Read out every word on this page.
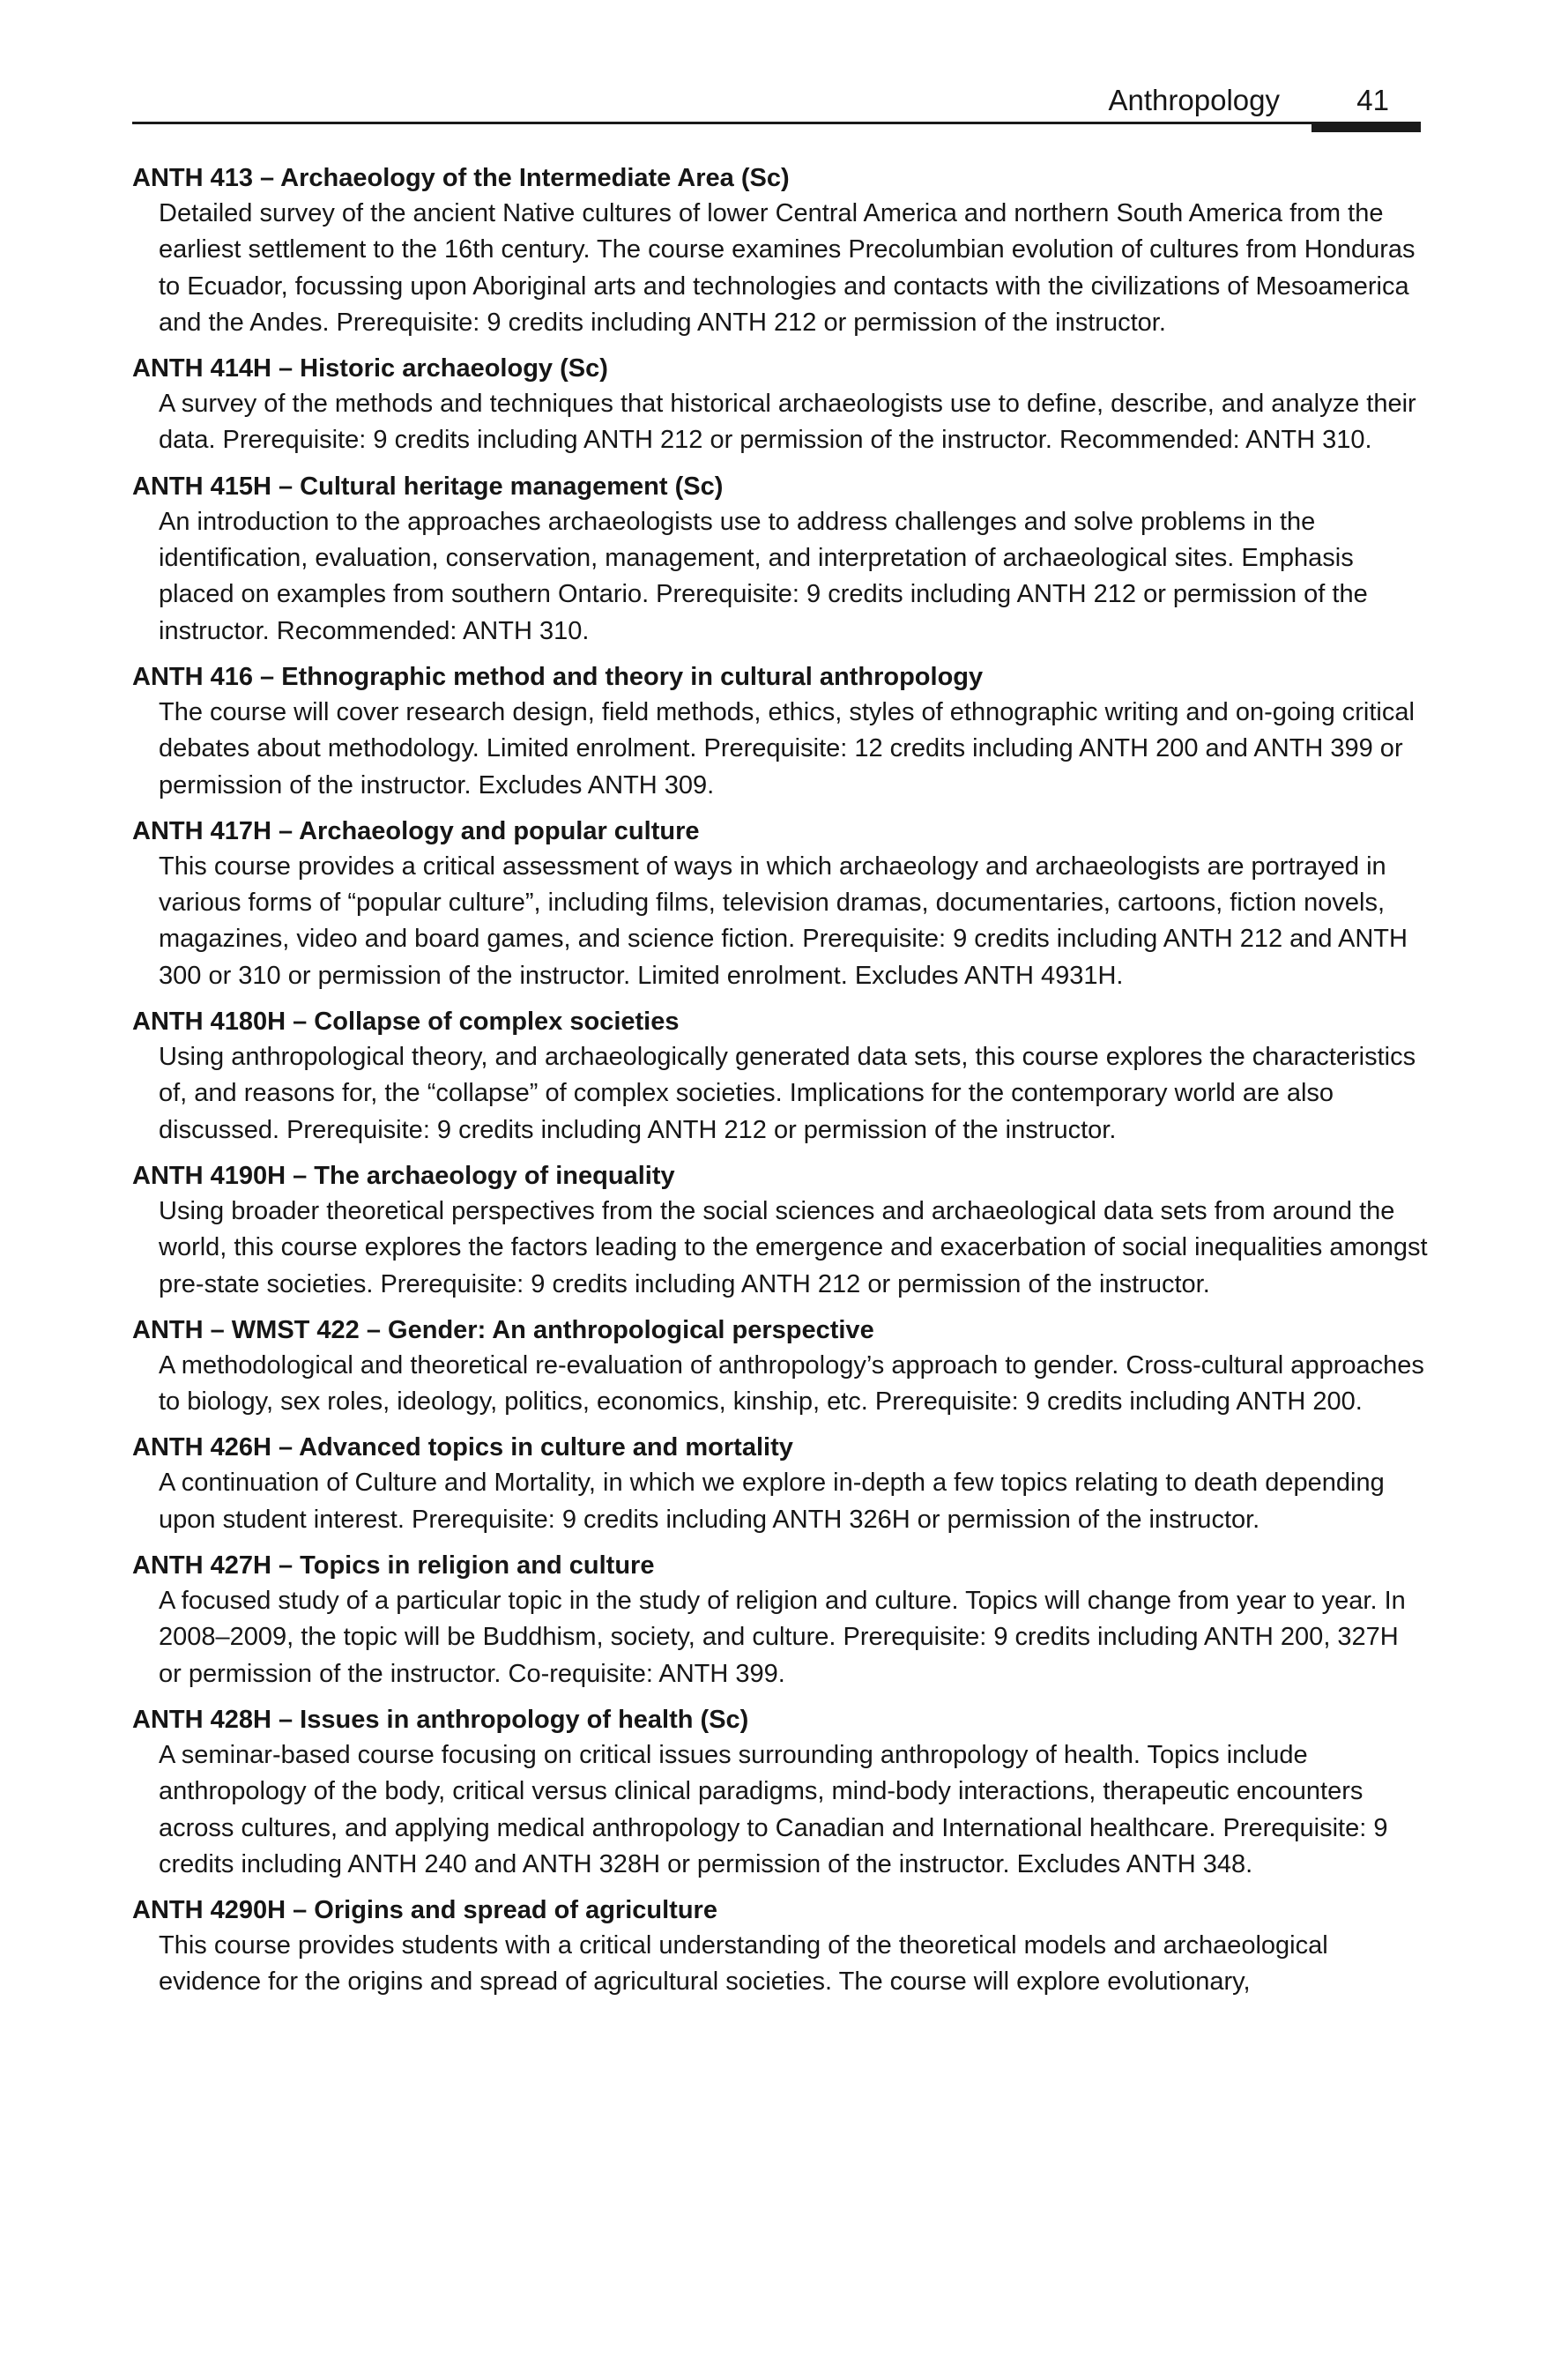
Anthropology	41
ANTH 413 – Archaeology of the Intermediate Area (Sc)
Detailed survey of the ancient Native cultures of lower Central America and northern South America from the earliest settlement to the 16th century. The course examines Precolumbian evolution of cultures from Honduras to Ecuador, focussing upon Aboriginal arts and technologies and contacts with the civilizations of Mesoamerica and the Andes. Prerequisite: 9 credits including ANTH 212 or permission of the instructor.
ANTH 414H – Historic archaeology (Sc)
A survey of the methods and techniques that historical archaeologists use to define, describe, and analyze their data. Prerequisite: 9 credits including ANTH 212 or permission of the instructor. Recommended: ANTH 310.
ANTH 415H – Cultural heritage management (Sc)
An introduction to the approaches archaeologists use to address challenges and solve problems in the identification, evaluation, conservation, management, and interpretation of archaeological sites. Emphasis placed on examples from southern Ontario. Prerequisite: 9 credits including ANTH 212 or permission of the instructor. Recommended: ANTH 310.
ANTH 416 – Ethnographic method and theory in cultural anthropology
The course will cover research design, field methods, ethics, styles of ethnographic writing and on-going critical debates about methodology. Limited enrolment. Prerequisite: 12 credits including ANTH 200 and ANTH 399 or permission of the instructor. Excludes ANTH 309.
ANTH 417H – Archaeology and popular culture
This course provides a critical assessment of ways in which archaeology and archaeologists are portrayed in various forms of “popular culture”, including films, television dramas, documentaries, cartoons, fiction novels, magazines, video and board games, and science fiction. Prerequisite: 9 credits including ANTH 212 and ANTH 300 or 310 or permission of the instructor. Limited enrolment. Excludes ANTH 4931H.
ANTH 4180H – Collapse of complex societies
Using anthropological theory, and archaeologically generated data sets, this course explores the characteristics of, and reasons for, the “collapse” of complex societies. Implications for the contemporary world are also discussed. Prerequisite: 9 credits including ANTH 212 or permission of the instructor.
ANTH 4190H – The archaeology of inequality
Using broader theoretical perspectives from the social sciences and archaeological data sets from around the world, this course explores the factors leading to the emergence and exacerbation of social inequalities amongst pre-state societies. Prerequisite: 9 credits including ANTH 212 or permission of the instructor.
ANTH – WMST 422 – Gender: An anthropological perspective
A methodological and theoretical re-evaluation of anthropology’s approach to gender. Cross-cultural approaches to biology, sex roles, ideology, politics, economics, kinship, etc. Prerequisite: 9 credits including ANTH 200.
ANTH 426H – Advanced topics in culture and mortality
A continuation of Culture and Mortality, in which we explore in-depth a few topics relating to death depending upon student interest. Prerequisite: 9 credits including ANTH 326H or permission of the instructor.
ANTH 427H – Topics in religion and culture
A focused study of a particular topic in the study of religion and culture. Topics will change from year to year. In 2008–2009, the topic will be Buddhism, society, and culture. Prerequisite: 9 credits including ANTH 200, 327H or permission of the instructor. Co-requisite: ANTH 399.
ANTH 428H – Issues in anthropology of health (Sc)
A seminar-based course focusing on critical issues surrounding anthropology of health. Topics include anthropology of the body, critical versus clinical paradigms, mind-body interactions, therapeutic encounters across cultures, and applying medical anthropology to Canadian and International healthcare. Prerequisite: 9 credits including ANTH 240 and ANTH 328H or permission of the instructor. Excludes ANTH 348.
ANTH 4290H – Origins and spread of agriculture
This course provides students with a critical understanding of the theoretical models and archaeological evidence for the origins and spread of agricultural societies. The course will explore evolutionary,
